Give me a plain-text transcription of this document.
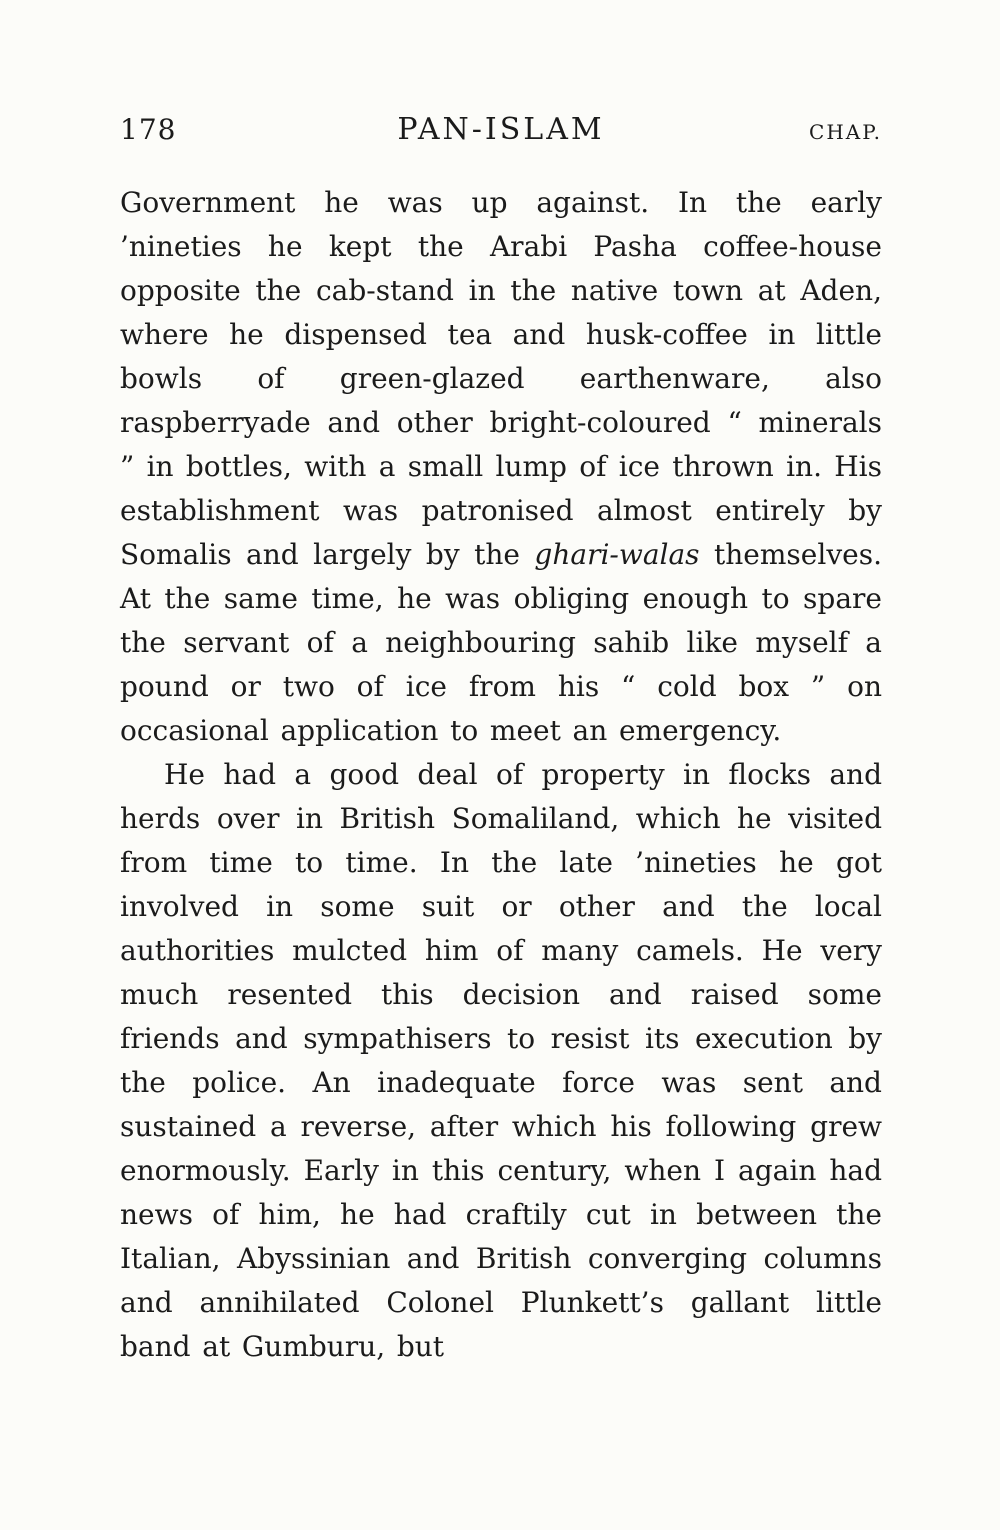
178	PAN-ISLAM	CHAP.

Government he was up against. In the early ’nineties he kept the Arabi Pasha coffee-house opposite the cab-stand in the native town at Aden, where he dispensed tea and husk-coffee in little bowls of green-glazed earthenware, also raspberryade and other bright-coloured “ minerals ” in bottles, with a small lump of ice thrown in. His establishment was patronised almost entirely by Somalis and largely by the ghari-walas themselves. At the same time, he was obliging enough to spare the servant of a neighbouring sahib like myself a pound or two of ice from his “ cold box ” on occasional application to meet an emergency.

He had a good deal of property in flocks and herds over in British Somaliland, which he visited from time to time. In the late ’nineties he got involved in some suit or other and the local authorities mulcted him of many camels. He very much resented this decision and raised some friends and sympathisers to resist its execution by the police. An inadequate force was sent and sustained a reverse, after which his following grew enormously. Early in this century, when I again had news of him, he had craftily cut in between the Italian, Abyssinian and British converging columns and annihilated Colonel Plunkett’s gallant little band at Gumburu, but
